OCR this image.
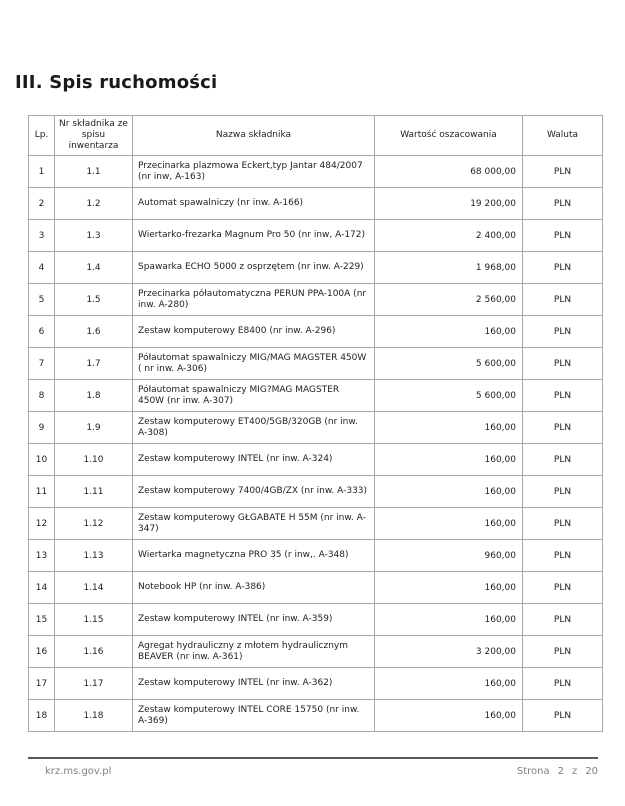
III. Spis ruchomości
Lp.	Nr składnika ze spisu inwentarza	Nazwa składnika	Wartość oszacowania	Waluta
1	1.1	Przecinarka plazmowa Eckert,typ Jantar 484/2007 (nr inw, A-163)	68 000,00	PLN
2	1.2	Automat spawalniczy (nr inw. A-166)	19 200,00	PLN
3	1.3	Wiertarko-frezarka Magnum Pro 50 (nr inw, A-172)	2 400,00	PLN
4	1.4	Spawarka ECHO 5000 z osprzętem (nr inw. A-229)	1 968,00	PLN
5	1.5	Przecinarka półautomatyczna PERUN PPA-100A (nr inw. A-280)	2 560,00	PLN
6	1.6	Zestaw komputerowy E8400 (nr inw. A-296)	160,00	PLN
7	1.7	Półautomat spawalniczy MIG/MAG MAGSTER 450W ( nr inw. A-306)	5 600,00	PLN
8	1.8	Półautomat spawalniczy MIG?MAG MAGSTER 450W (nr inw. A-307)	5 600,00	PLN
9	1.9	Zestaw komputerowy ET400/5GB/320GB (nr inw. A-308)	160,00	PLN
10	1.10	Zestaw komputerowy INTEL (nr inw. A-324)	160,00	PLN
11	1.11	Zestaw komputerowy 7400/4GB/ZX (nr inw. A-333)	160,00	PLN
12	1.12	Zestaw komputerowy GŁGABATE H 55M (nr inw. A-347)	160,00	PLN
13	1.13	Wiertarka magnetyczna PRO 35 (r inw,. A-348)	960,00	PLN
14	1.14	Notebook HP (nr inw. A-386)	160,00	PLN
15	1.15	Zestaw komputerowy INTEL (nr inw. A-359)	160,00	PLN
16	1.16	Agregat hydrauliczny z młotem hydraulicznym BEAVER (nr inw. A-361)	3 200,00	PLN
17	1.17	Zestaw komputerowy INTEL (nr inw. A-362)	160,00	PLN
18	1.18	Zestaw komputerowy INTEL CORE 15750 (nr inw. A-369)	160,00	PLN
krz.ms.gov.pl	Strona 2 z 20
